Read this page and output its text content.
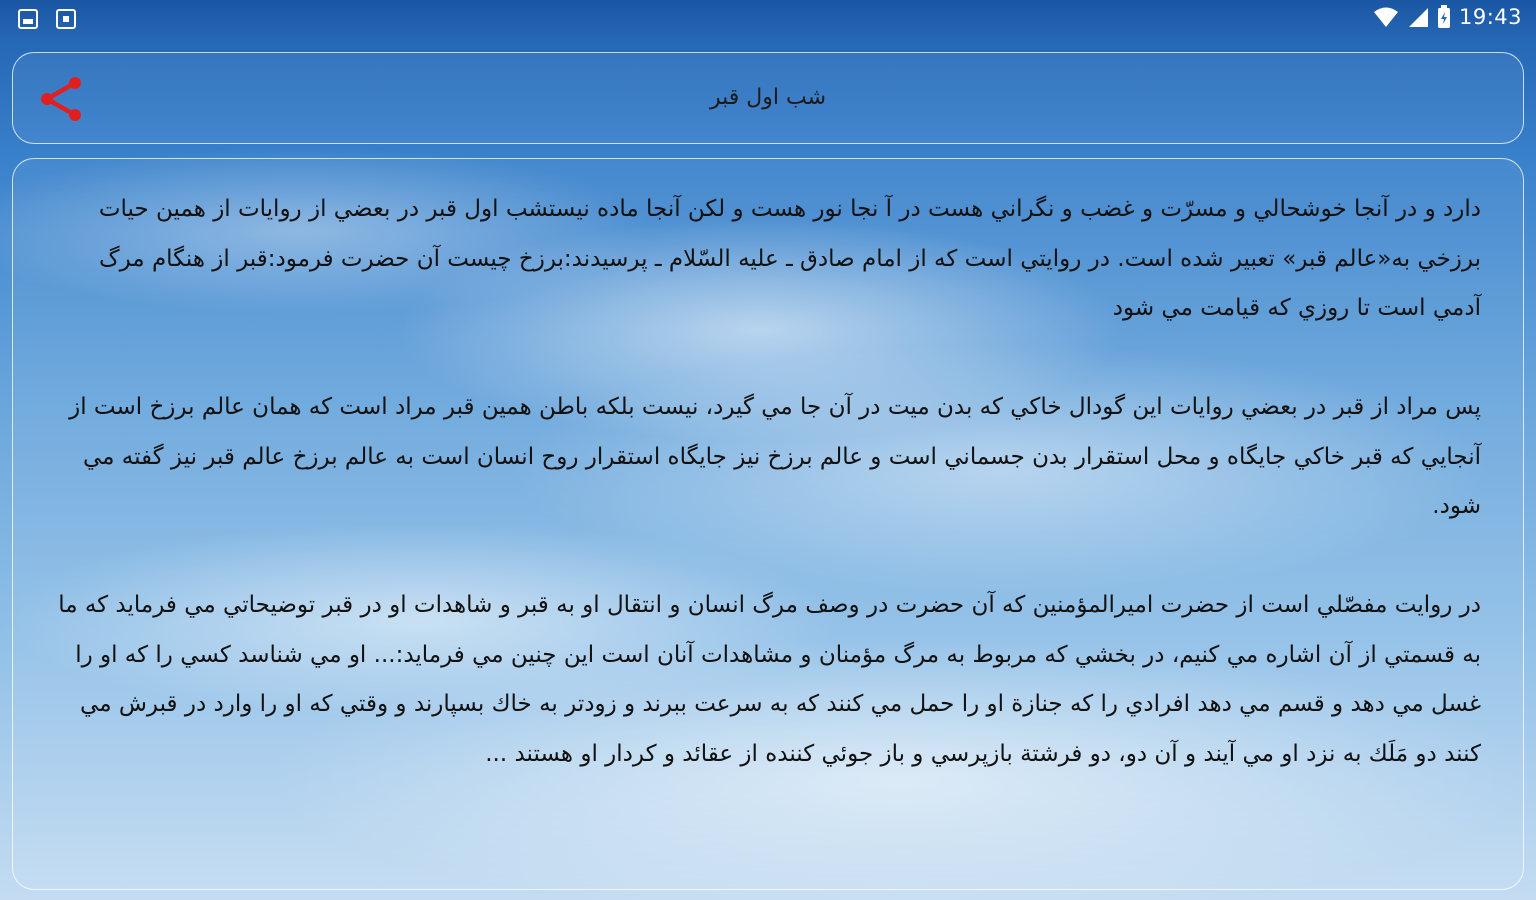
19:43
شب اول قبر

دارد و در آنجا خوشحالي و مسرّت و غضب و نگراني هست در آ نجا نور هست و لكن آنجا ماده نيستشب اول قبر در بعضي از روايات از همين حيات برزخي به«عالم قبر» تعبير شده است. در روايتي است كه از امام صادق ـ عليه السّلام ـ پرسيدند:برزخ چيست آن حضرت فرمود:قبر از هنگام مرگ آدمي است تا روزي كه قيامت مي شود

پس مراد از قبر در بعضي روايات اين گودال خاكي كه بدن ميت در آن جا مي گيرد، نيست بلكه باطن همين قبر مراد است كه همان عالم برزخ است از آنجايي كه قبر خاكي جايگاه و محل استقرار بدن جسماني است و عالم برزخ نيز جايگاه استقرار روح انسان است به عالم برزخ عالم قبر نيز گفته مي شود.

در روايت مفصّلي است از حضرت اميرالمؤمنين كه آن حضرت در وصف مرگ انسان و انتقال او به قبر و شاهدات او در قبر توضيحاتي مي فرمايد كه ما به قسمتي از آن اشاره مي كنيم، در بخشي كه مربوط به مرگ مؤمنان و مشاهدات آنان است اين چنين مي فرمايد:... او مي شناسد كسي را كه او را غسل مي دهد و قسم مي دهد افرادي را كه جنازة او را حمل مي كنند كه به سرعت ببرند و زودتر به خاك بسپارند و وقتي كه او را وارد در قبرش مي كنند دو مَلَك به نزد او مي آيند و آن دو، دو فرشتة بازپرسي و باز جوئي كننده از عقائد و كردار او هستند ...
